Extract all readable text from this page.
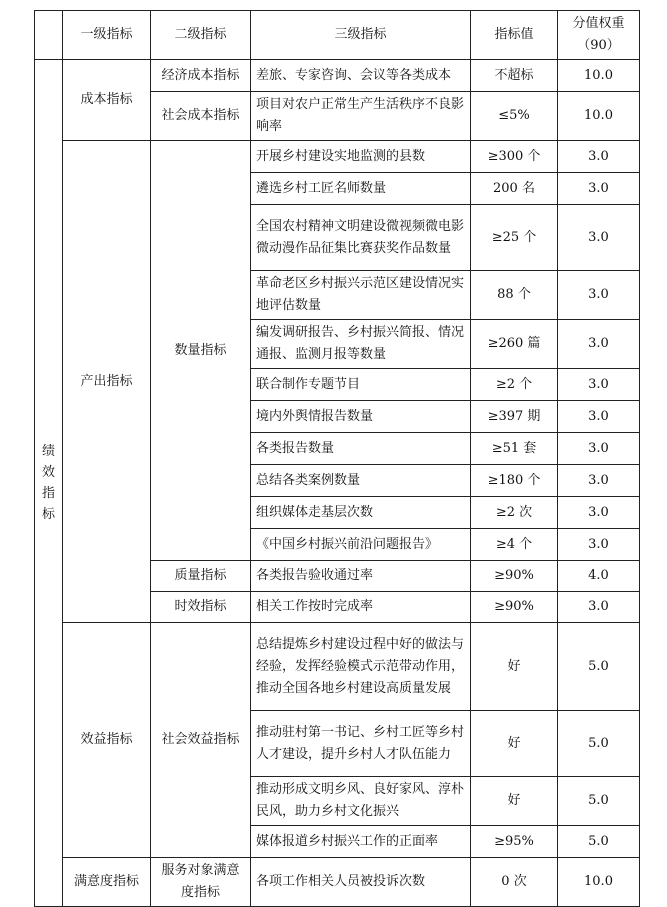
	一级指标	二级指标	三级指标	指标值	分值权重（90）

绩效指标	成本指标	经济成本指标	差旅、专家咨询、会议等各类成本	不超标	10.0
		社会成本指标	项目对农户正常生产生活秩序不良影响率	≤5%	10.0
	产出指标	数量指标	开展乡村建设实地监测的县数	≥300 个	3.0
			遴选乡村工匠名师数量	200 名	3.0
			全国农村精神文明建设微视频微电影微动漫作品征集比赛获奖作品数量	≥25 个	3.0
			革命老区乡村振兴示范区建设情况实地评估数量	88 个	3.0
			编发调研报告、乡村振兴简报、情况通报、监测月报等数量	≥260 篇	3.0
			联合制作专题节目	≥2 个	3.0
			境内外舆情报告数量	≥397 期	3.0
			各类报告数量	≥51 套	3.0
			总结各类案例数量	≥180 个	3.0
			组织媒体走基层次数	≥2 次	3.0
			《中国乡村振兴前沿问题报告》	≥4 个	3.0
		质量指标	各类报告验收通过率	≥90%	4.0
		时效指标	相关工作按时完成率	≥90%	3.0
	效益指标	社会效益指标	总结提炼乡村建设过程中好的做法与经验，发挥经验模式示范带动作用，推动全国各地乡村建设高质量发展	好	5.0
			推动驻村第一书记、乡村工匠等乡村人才建设，提升乡村人才队伍能力	好	5.0
			推动形成文明乡风、良好家风、淳朴民风，助力乡村文化振兴	好	5.0
			媒体报道乡村振兴工作的正面率	≥95%	5.0
	满意度指标	服务对象满意度指标	各项工作相关人员被投诉次数	0 次	10.0
